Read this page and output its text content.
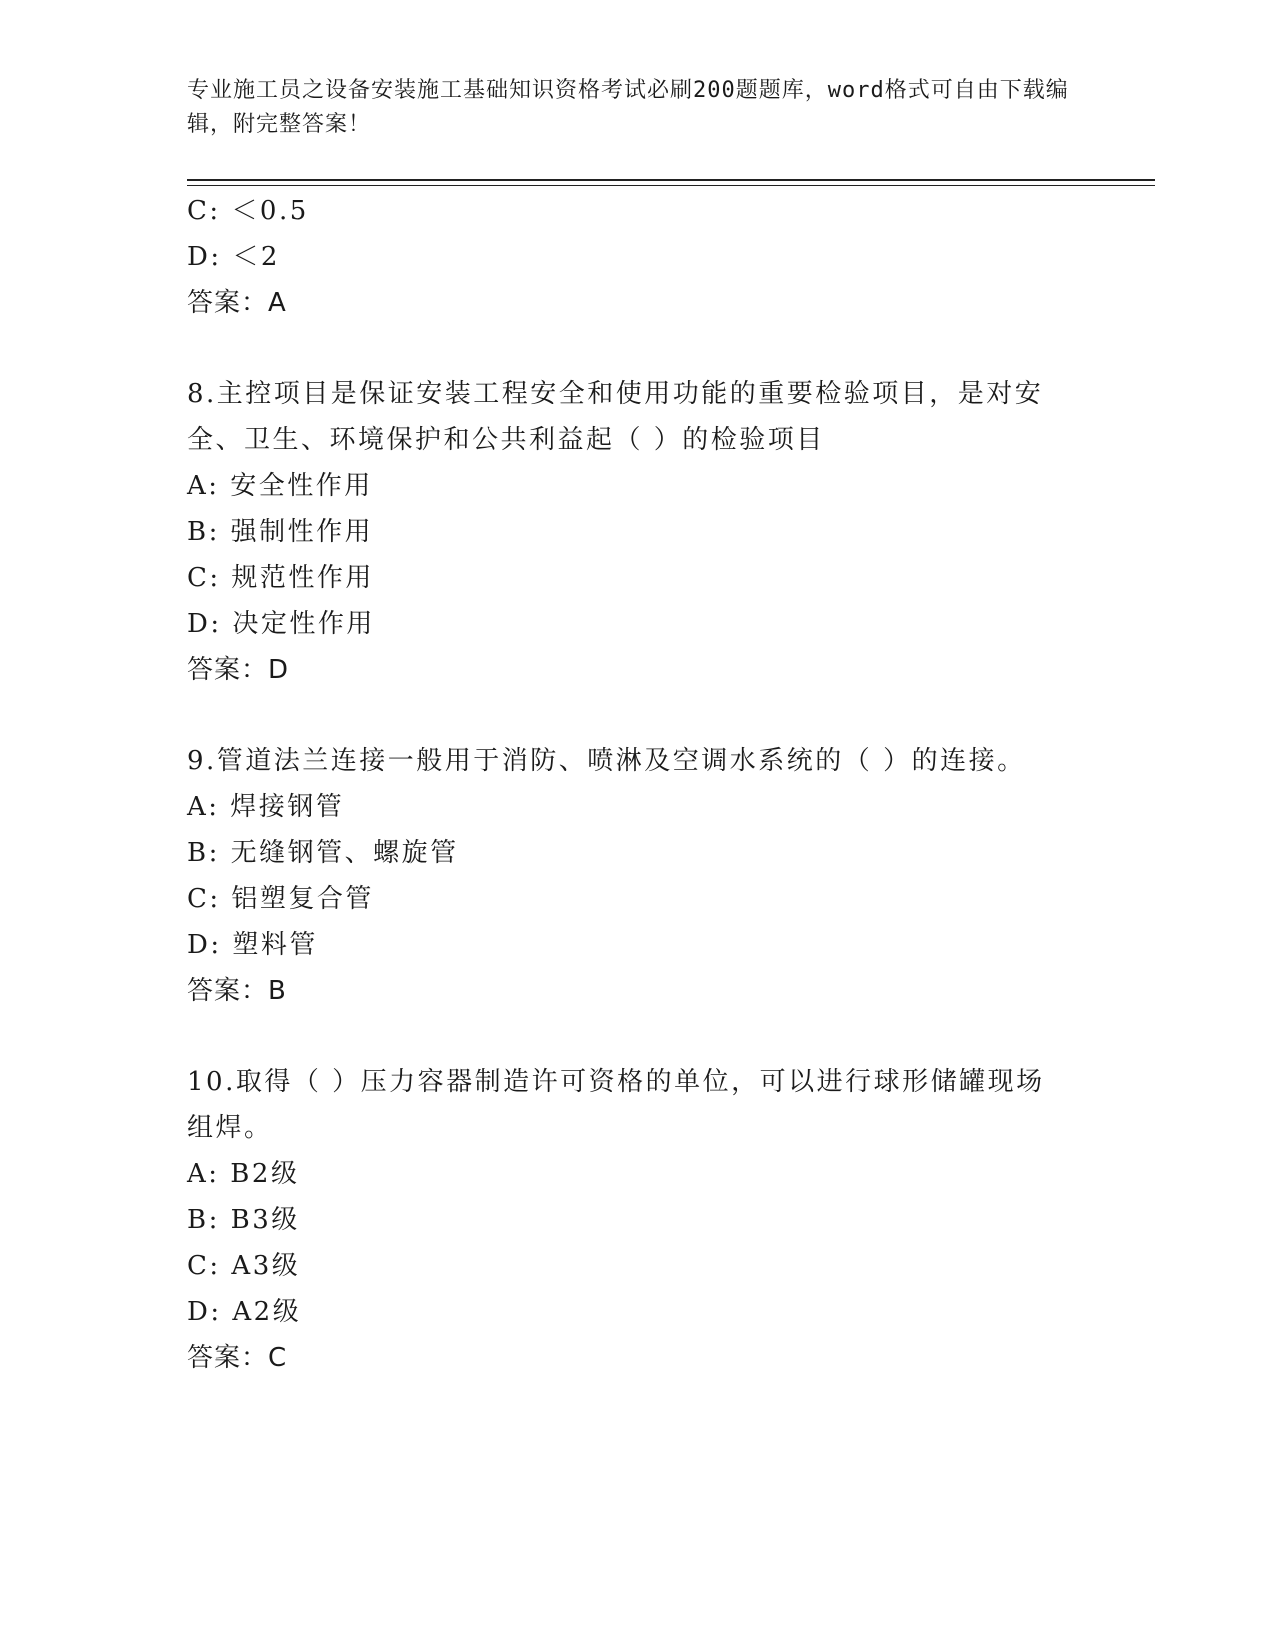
专业施工员之设备安装施工基础知识资格考试必刷200题题库，word格式可自由下载编辑，附完整答案！
C: ＜0.5
D: ＜2
答案：A
8.主控项目是保证安装工程安全和使用功能的重要检验项目，是对安
全、卫生、环境保护和公共利益起（ ）的检验项目
A: 安全性作用
B: 强制性作用
C: 规范性作用
D: 决定性作用
答案：D
9.管道法兰连接一般用于消防、喷淋及空调水系统的（ ）的连接。
A: 焊接钢管
B: 无缝钢管、螺旋管
C: 铝塑复合管
D: 塑料管
答案：B
10.取得（ ）压力容器制造许可资格的单位，可以进行球形储罐现场
组焊。
A: B2级
B: B3级
C: A3级
D: A2级
答案：C
